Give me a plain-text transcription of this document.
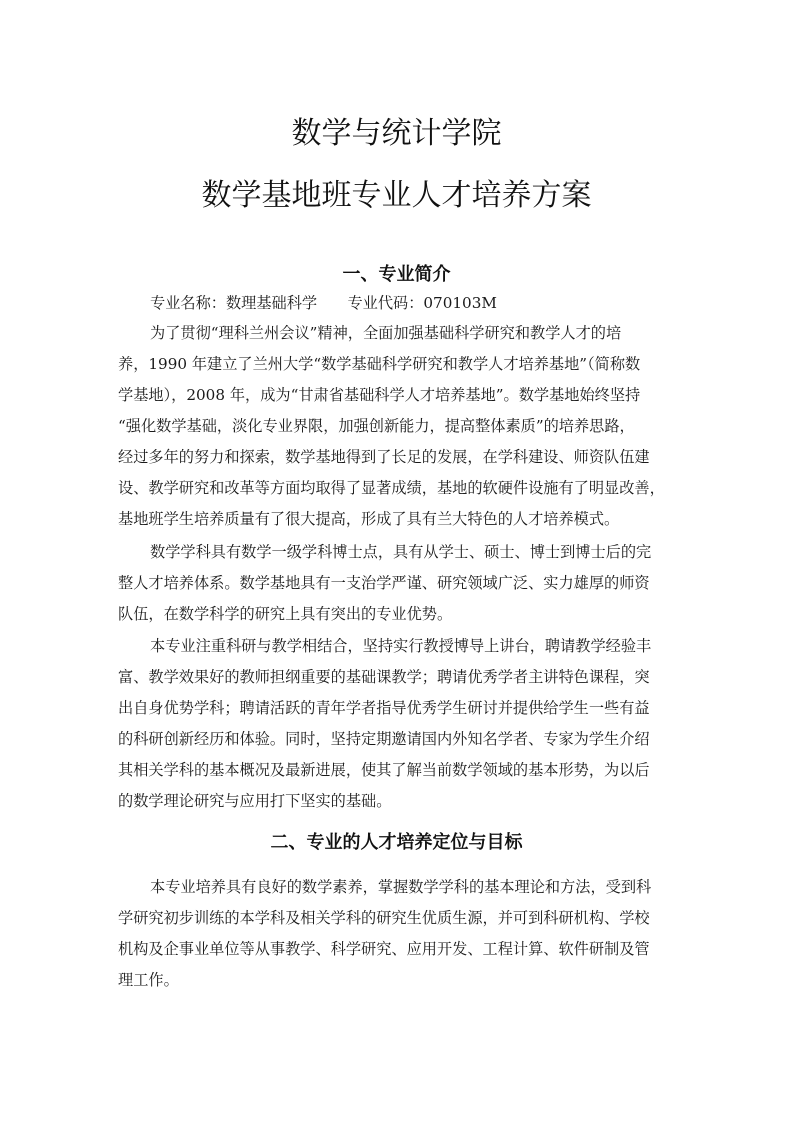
数学与统计学院
数学基地班专业人才培养方案
一、专业简介
专业名称：数理基础科学　　专业代码：070103M
为了贯彻“理科兰州会议”精神，全面加强基础科学研究和教学人才的培
养，1990 年建立了兰州大学“数学基础科学研究和教学人才培养基地”（简称数
学基地），2008 年，成为“甘肃省基础科学人才培养基地”。数学基地始终坚持
“强化数学基础，淡化专业界限，加强创新能力，提高整体素质”的培养思路，
经过多年的努力和探索，数学基地得到了长足的发展，在学科建设、师资队伍建
设、教学研究和改革等方面均取得了显著成绩，基地的软硬件设施有了明显改善，
基地班学生培养质量有了很大提高，形成了具有兰大特色的人才培养模式。
数学学科具有数学一级学科博士点，具有从学士、硕士、博士到博士后的完
整人才培养体系。数学基地具有一支治学严谨、研究领域广泛、实力雄厚的师资
队伍，在数学科学的研究上具有突出的专业优势。
本专业注重科研与教学相结合，坚持实行教授博导上讲台，聘请教学经验丰
富、教学效果好的教师担纲重要的基础课教学；聘请优秀学者主讲特色课程，突
出自身优势学科；聘请活跃的青年学者指导优秀学生研讨并提供给学生一些有益
的科研创新经历和体验。同时，坚持定期邀请国内外知名学者、专家为学生介绍
其相关学科的基本概况及最新进展，使其了解当前数学领域的基本形势，为以后
的数学理论研究与应用打下坚实的基础。
二、专业的人才培养定位与目标
本专业培养具有良好的数学素养，掌握数学学科的基本理论和方法，受到科
学研究初步训练的本学科及相关学科的研究生优质生源，并可到科研机构、学校
机构及企事业单位等从事教学、科学研究、应用开发、工程计算、软件研制及管
理工作。
